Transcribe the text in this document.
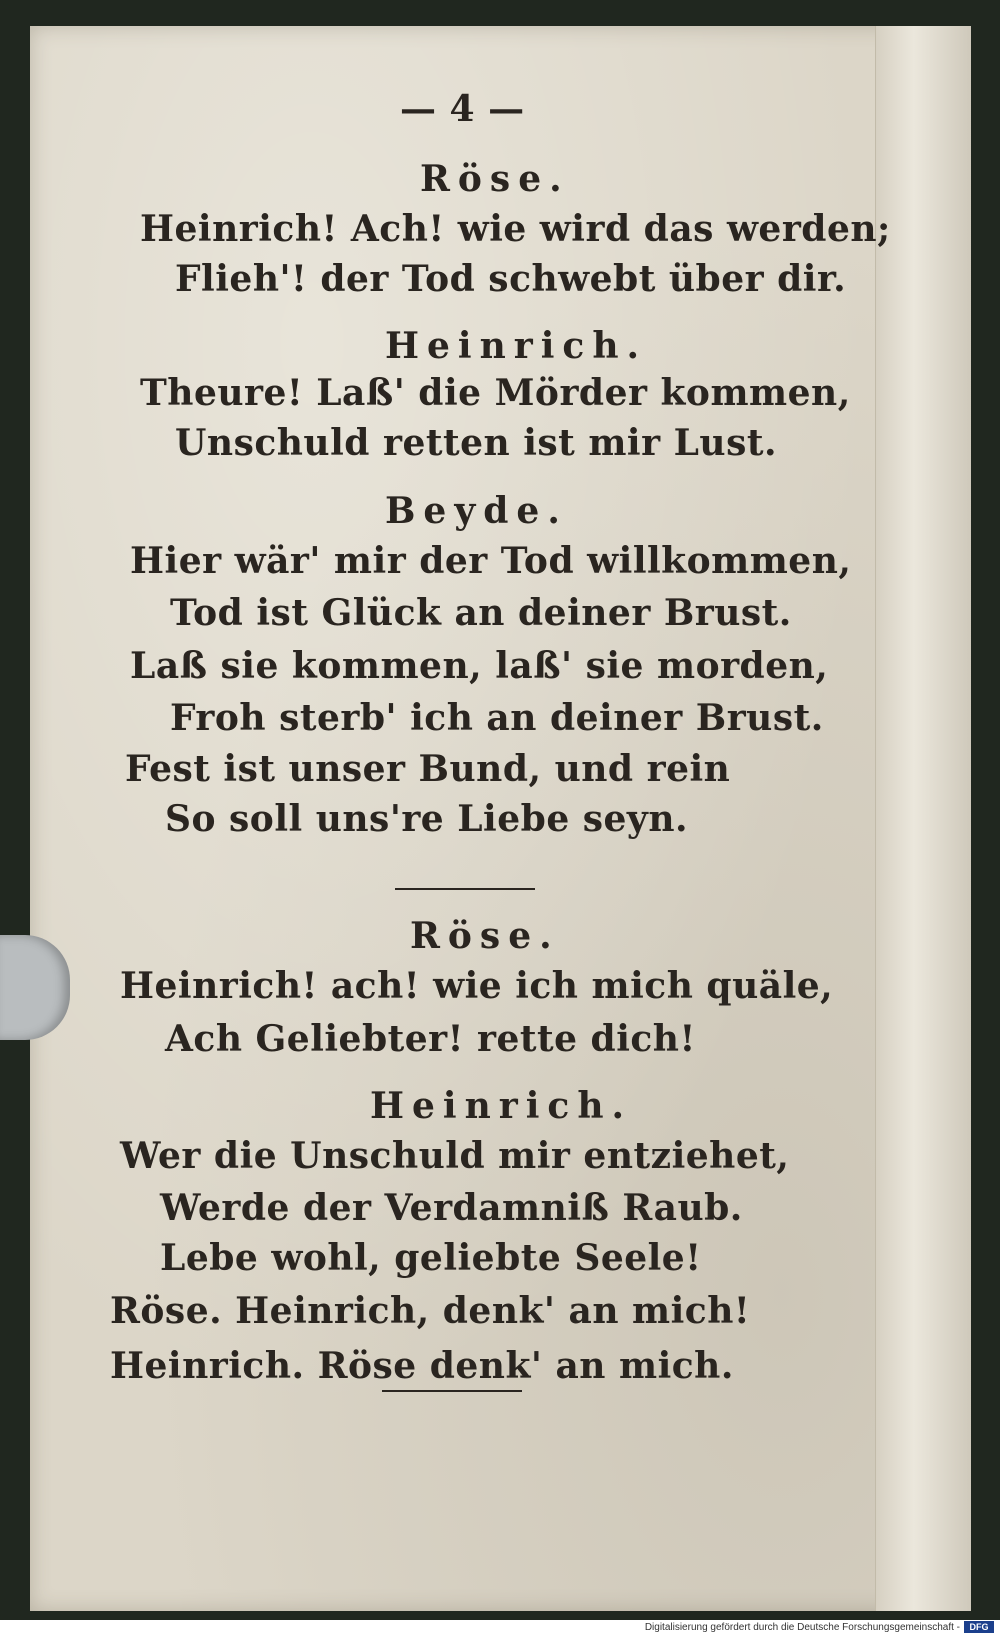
— 4 —
Röse.
Heinrich! Ach! wie wird das werden;
Flieh'! der Tod schwebt über dir.
Heinrich.
Theure! Laß' die Mörder kommen,
Unschuld retten ist mir Lust.
Beyde.
Hier wär' mir der Tod willkommen,
Tod ist Glück an deiner Brust.
Laß sie kommen, laß' sie morden,
Froh sterb' ich an deiner Brust.
Fest ist unser Bund, und rein
So soll uns're Liebe seyn.
Röse.
Heinrich! ach! wie ich mich quäle,
Ach Geliebter! rette dich!
Heinrich.
Wer die Unschuld mir entziehet,
Werde der Verdamniß Raub.
Lebe wohl, geliebte Seele!
Röse. Heinrich, denk' an mich!
Heinrich. Röse denk' an mich.
Digitalisierung gefördert durch die Deutsche Forschungsgemeinschaft -	DFG
